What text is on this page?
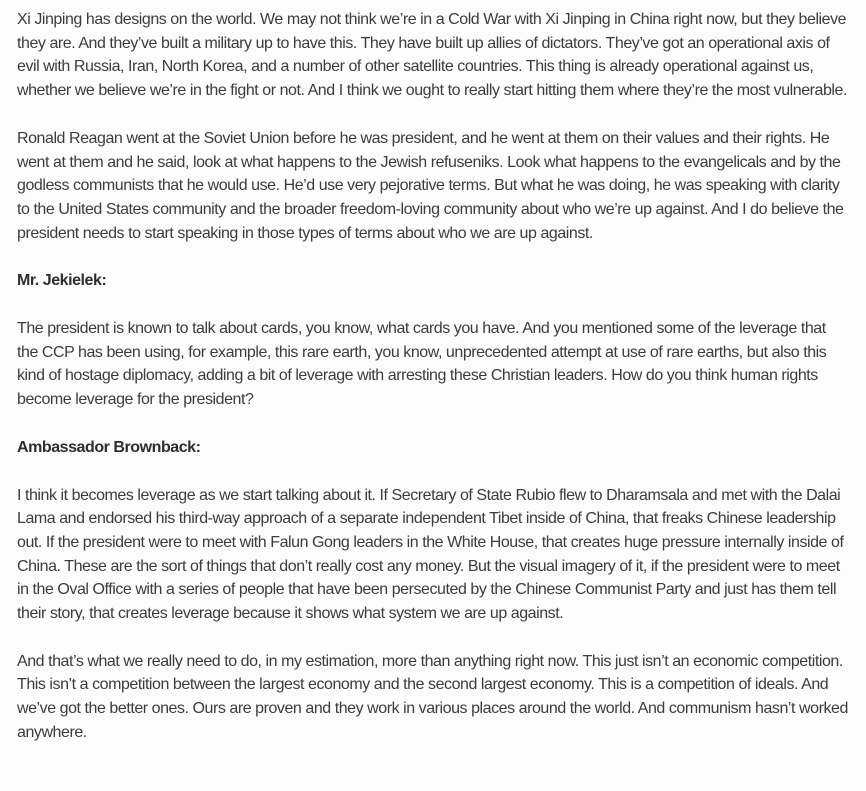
Xi Jinping has designs on the world. We may not think we’re in a Cold War with Xi Jinping in China right now, but they believe they are. And they’ve built a military up to have this. They have built up allies of dictators. They’ve got an operational axis of evil with Russia, Iran, North Korea, and a number of other satellite countries. This thing is already operational against us, whether we believe we’re in the fight or not. And I think we ought to really start hitting them where they’re the most vulnerable.

Ronald Reagan went at the Soviet Union before he was president, and he went at them on their values and their rights. He went at them and he said, look at what happens to the Jewish refuseniks. Look what happens to the evangelicals and by the godless communists that he would use. He’d use very pejorative terms. But what he was doing, he was speaking with clarity to the United States community and the broader freedom-loving community about who we’re up against. And I do believe the president needs to start speaking in those types of terms about who we are up against.

Mr. Jekielek:

The president is known to talk about cards, you know, what cards you have. And you mentioned some of the leverage that the CCP has been using, for example, this rare earth, you know, unprecedented attempt at use of rare earths, but also this kind of hostage diplomacy, adding a bit of leverage with arresting these Christian leaders. How do you think human rights become leverage for the president?

Ambassador Brownback:

I think it becomes leverage as we start talking about it. If Secretary of State Rubio flew to Dharamsala and met with the Dalai Lama and endorsed his third-way approach of a separate independent Tibet inside of China, that freaks Chinese leadership out. If the president were to meet with Falun Gong leaders in the White House, that creates huge pressure internally inside of China. These are the sort of things that don’t really cost any money. But the visual imagery of it, if the president were to meet in the Oval Office with a series of people that have been persecuted by the Chinese Communist Party and just has them tell their story, that creates leverage because it shows what system we are up against.

And that’s what we really need to do, in my estimation, more than anything right now. This just isn’t an economic competition. This isn’t a competition between the largest economy and the second largest economy. This is a competition of ideals. And we’ve got the better ones. Ours are proven and they work in various places around the world. And communism hasn’t worked anywhere.
